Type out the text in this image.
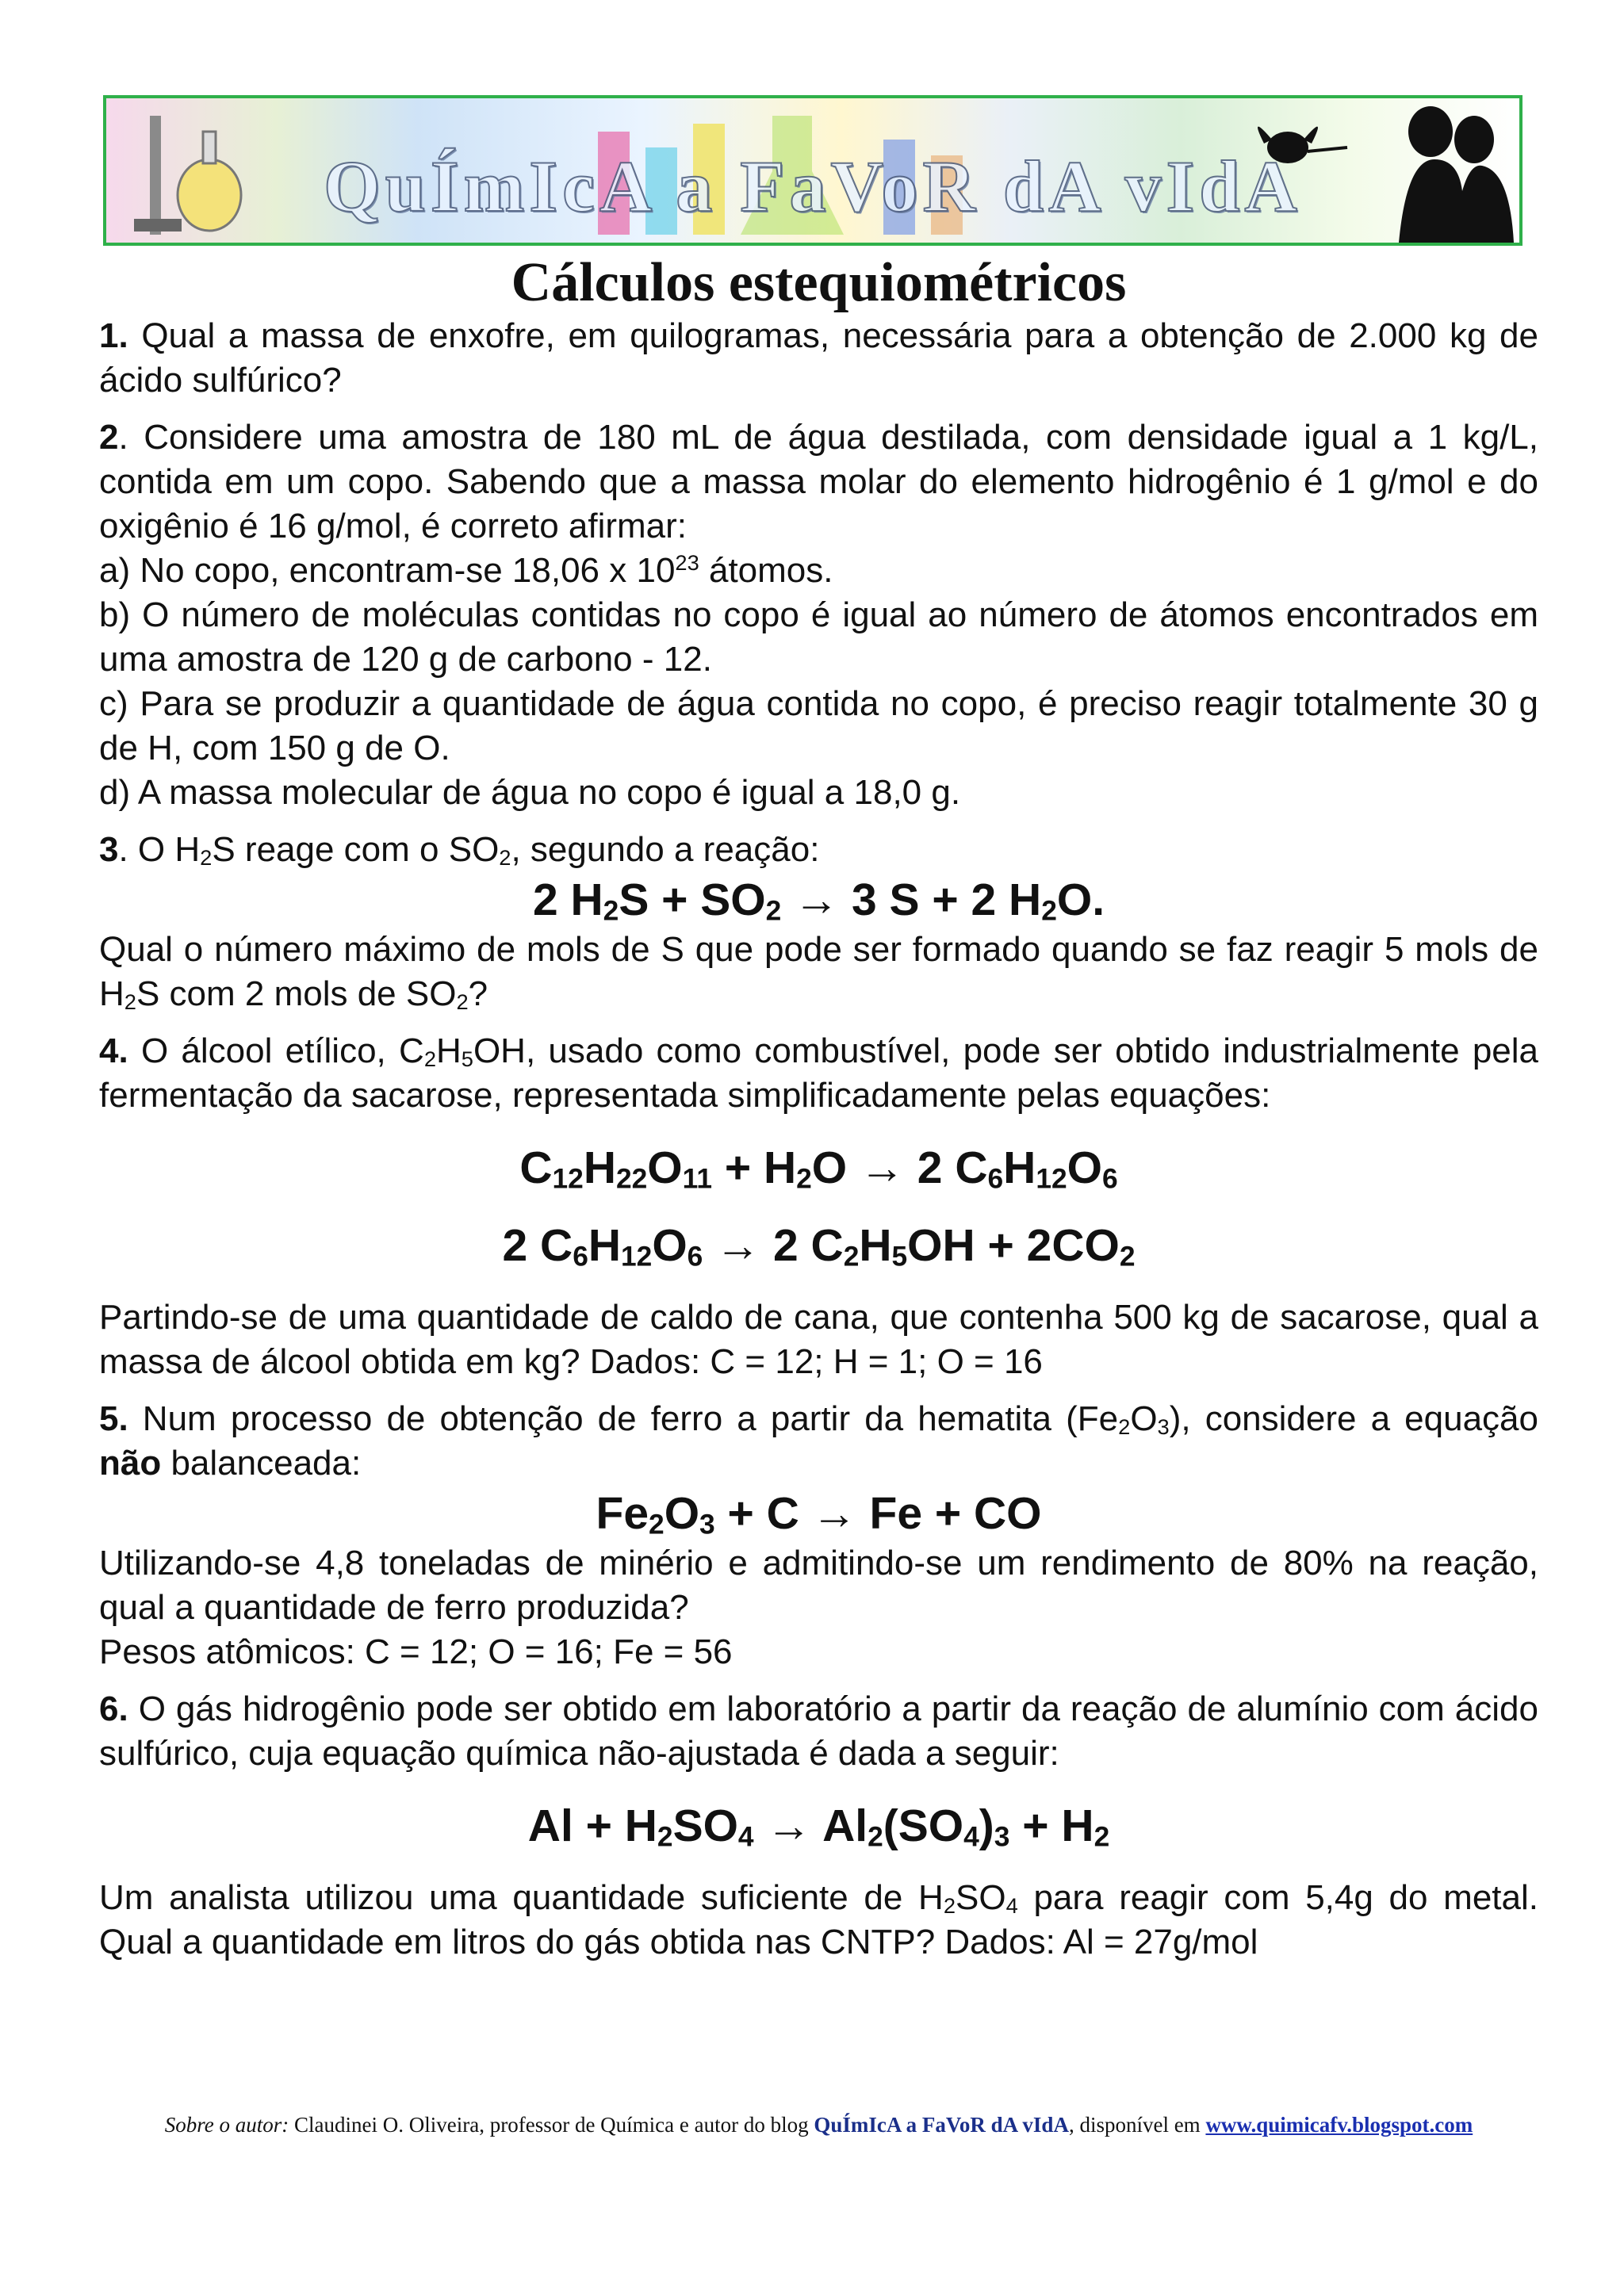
QuÍmIcA a FaVoR dA vIdA
Cálculos estequiométricos

1. Qual a massa de enxofre, em quilogramas, necessária para a obtenção de 2.000 kg de ácido sulfúrico?

2. Considere uma amostra de 180 mL de água destilada, com densidade igual a 1 kg/L, contida em um copo. Sabendo que a massa molar do elemento hidrogênio é 1 g/mol e do oxigênio é 16 g/mol, é correto afirmar:

a) No copo, encontram-se 18,06 x $10^{23}$ átomos.

b) O número de moléculas contidas no copo é igual ao número de átomos encontrados em uma amostra de 120 g de carbono - 12.

c) Para se produzir a quantidade de água contida no copo, é preciso reagir totalmente 30 g de H, com 150 g de O.

d) A massa molecular de água no copo é igual a 18,0 g.

3. O $H_2S$ reage com o $SO_2$, segundo a reação:

2 $H_2S + SO_2 \to 3$ S + 2 $H_2O$.

Qual o número máximo de mols de S que pode ser formado quando se faz reagir 5 mols de $H_2S$ com 2 mols de $SO_2$?

4. O álcool etílico, $C_2H_5OH$, usado como combustível, pode ser obtido industrialmente pela fermentação da sacarose, representada simplificadamente pelas equações:

$C_{12}H_{22}O_{11} + H_2O \to 2$ $C_6H_{12}O_6$

2 $C_6H_{12}O_6 \to 2$ $C_2H_5OH + 2CO_2$

Partindo-se de uma quantidade de caldo de cana, que contenha 500 kg de sacarose, qual a massa de álcool obtida em kg? Dados: C = 12; H = 1; O = 16

5. Num processo de obtenção de ferro a partir da hematita $(Fe_2O_3)$, considere a equação não balanceada:

$Fe_2O_3 + C \to Fe$ + CO

Utilizando-se 4,8 toneladas de minério e admitindo-se um rendimento de 80% na reação, qual a quantidade de ferro produzida?

Pesos atômicos: C = 12; O = 16; Fe = 56

6. O gás hidrogênio pode ser obtido em laboratório a partir da reação de alumínio com ácido sulfúrico, cuja equação química não-ajustada é dada a seguir:

$Al + H_2SO_4 \to Al_2(SO_4)_3 + H_2$

Um analista utilizou uma quantidade suficiente de $H_2SO_4$ para reagir com 5,4g do metal. Qual a quantidade em litros do gás obtida nas CNTP? Dados: Al = 27g/mol

Sobre o autor: Claudinei O. Oliveira, professor de Química e autor do blog QuÍmIcA a FaVoR dA vIdA, disponível em www.quimicafv.blogspot.com
